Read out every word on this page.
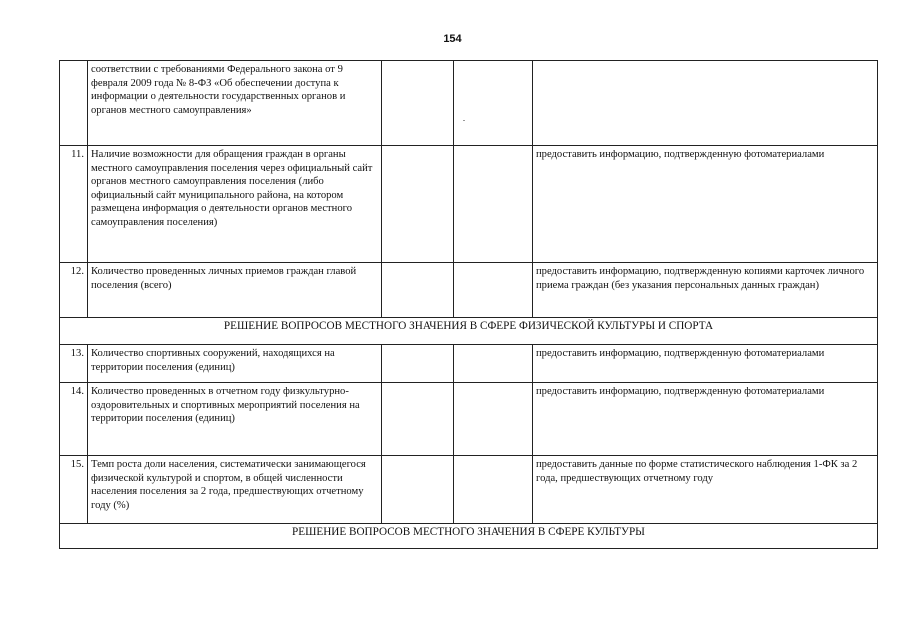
154
	соответствии с требованиями Федерального закона от 9 февраля 2009 года № 8-ФЗ «Об обеспечении доступа к информации о деятельности государственных органов и органов местного самоуправления»			
11.	Наличие возможности для обращения граждан в органы местного самоуправления поселения через официальный сайт органов местного самоуправления поселения (либо официальный сайт муниципального района, на котором размещена информация о деятельности органов местного самоуправления поселения)			предоставить информацию, подтвержденную фотоматериалами
12.	Количество проведенных личных приемов граждан главой поселения (всего)			предоставить информацию, подтвержденную копиями карточек личного приема граждан (без указания персональных данных граждан)
РЕШЕНИЕ ВОПРОСОВ МЕСТНОГО ЗНАЧЕНИЯ В СФЕРЕ ФИЗИЧЕСКОЙ КУЛЬТУРЫ И СПОРТА				
13.	Количество спортивных сооружений, находящихся на территории поселения (единиц)			предоставить информацию, подтвержденную фотоматериалами
14.	Количество проведенных в отчетном году физкультурно-оздоровительных и спортивных мероприятий поселения на территории поселения (единиц)			предоставить информацию, подтвержденную фотоматериалами
15.	Темп роста доли населения, систематически занимающегося физической культурой и спортом, в общей численности населения поселения за 2 года, предшествующих отчетному году (%)			предоставить данные по форме статистического наблюдения 1-ФК за 2 года, предшествующих отчетному году
РЕШЕНИЕ ВОПРОСОВ МЕСТНОГО ЗНАЧЕНИЯ В СФЕРЕ КУЛЬТУРЫ				
